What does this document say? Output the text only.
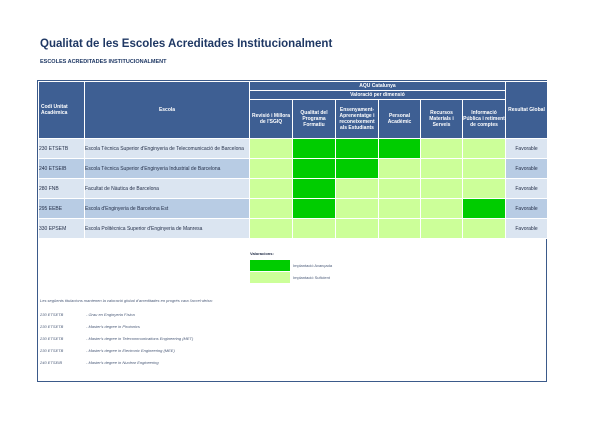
Qualitat de les Escoles Acreditades Institucionalment
ESCOLES ACREDITADES INSTITUCIONALMENT
Codi Unitat Acadèmica	Escola	AQU Catalunya						Resultat Global
		Valoració per dimensió						
		Revisió i Millora de l'SGIQ	Qualitat del Programa Formatiu	Ensenyament-Aprenentatge i reconeixement als Estudiants	Personal Acadèmic	Recursos Materials i Serveis	Informació Pública i retiment de comptes	
230 ETSETB	Escola Tècnica Superior d'Enginyeria de Telecomunicació de Barcelona							Favorable
240 ETSEIB	Escola Tècnica Superior d'Enginyeria Industrial de Barcelona							Favorable
280 FNB	Facultat de Nàutica de Barcelona							Favorable
295 EEBE	Escola d'Enginyeria de Barcelona Est							Favorable
330 EPSEM	Escola Politècnica Superior d'Enginyeria de Manresa							Favorable
Valoracions:
Implantació Avançada
Implantació Suficient
Les següents titulacions mantenen la valoració global d'acreditades en progrés cara l'accel·deixa:
230 ETSETB	- Grau en Enginyeria Física
230 ETSETB	- Master's degree in Photonics
230 ETSETB	- Master's degree in Telecommunications Engineering (MET)
230 ETSETB	- Master's degree in Electronic Engineering (MEE)
240 ETSEIB	- Master's degree in Nuclear Engineering
